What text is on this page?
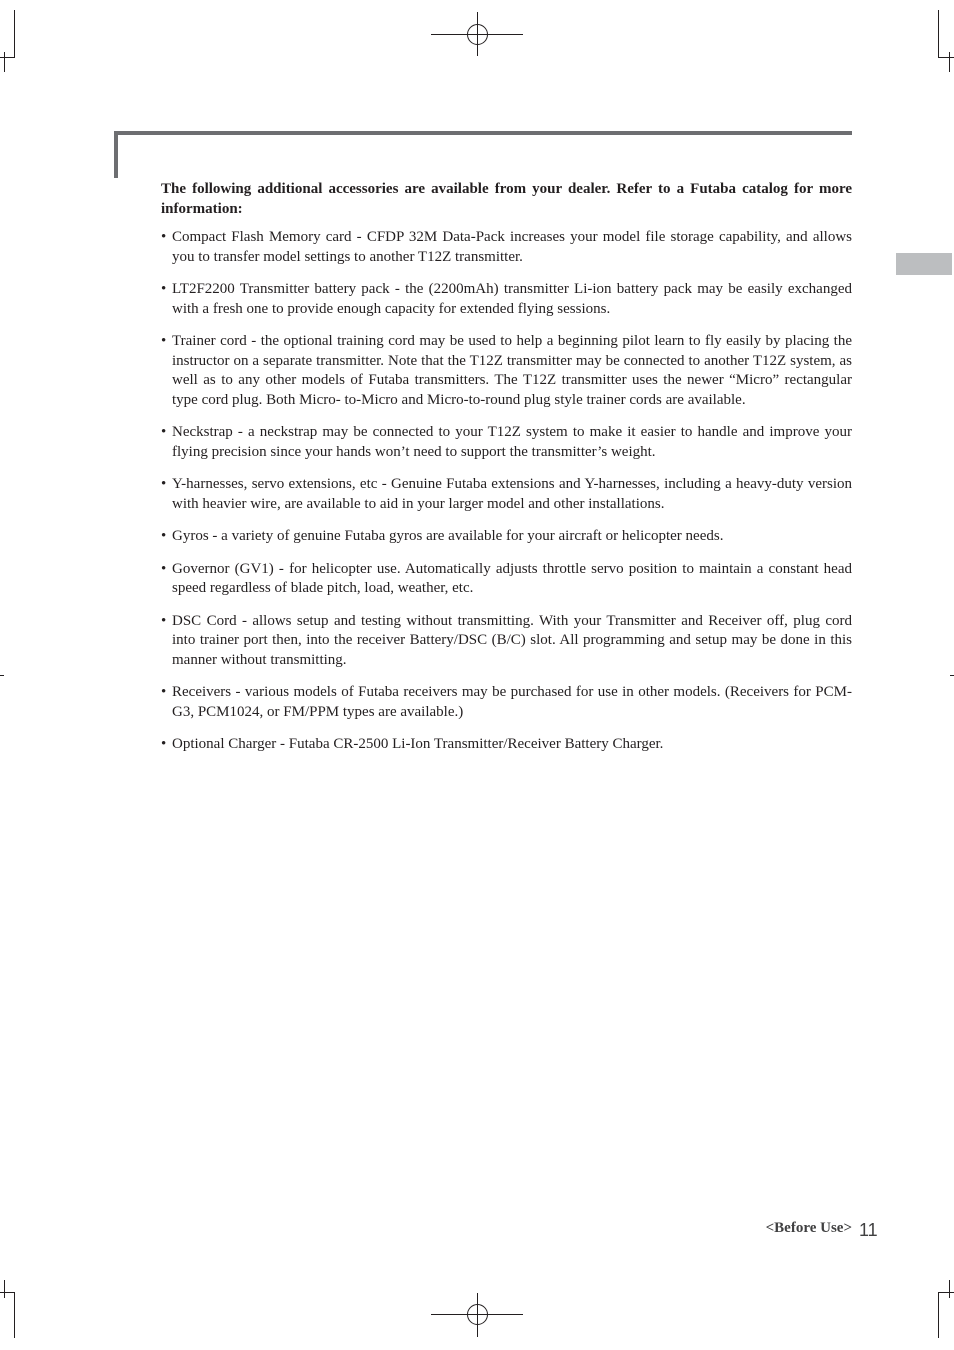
The following additional accessories are available from your dealer. Refer to a Futaba catalog for more information:

• Compact Flash Memory card - CFDP 32M Data-Pack increases your model file storage capability, and allows you to transfer model settings to another T12Z transmitter.
• LT2F2200 Transmitter battery pack - the (2200mAh) transmitter Li-ion battery pack may be easily exchanged with a fresh one to provide enough capacity for extended flying sessions.
• Trainer cord - the optional training cord may be used to help a beginning pilot learn to fly easily by placing the instructor on a separate transmitter. Note that the T12Z transmitter may be connected to another T12Z system, as well as to any other models of Futaba transmitters. The T12Z transmitter uses the newer “Micro” rectangular type cord plug. Both Micro- to-Micro and Micro-to-round plug style trainer cords are available.
• Neckstrap - a neckstrap may be connected to your T12Z system to make it easier to handle and improve your flying precision since your hands won’t need to support the transmitter’s weight.
• Y-harnesses, servo extensions, etc - Genuine Futaba extensions and Y-harnesses, including a heavy-duty version with heavier wire, are available to aid in your larger model and other installations.
• Gyros - a variety of genuine Futaba gyros are available for your aircraft or helicopter needs.
• Governor (GV1) - for helicopter use. Automatically adjusts throttle servo position to maintain a constant head speed regardless of blade pitch, load, weather, etc.
• DSC Cord - allows setup and testing without transmitting. With your Transmitter and Receiver off, plug cord into trainer port then, into the receiver Battery/DSC (B/C) slot. All programming and setup may be done in this manner without transmitting.
• Receivers - various models of Futaba receivers may be purchased for use in other models. (Receivers for PCM-G3, PCM1024, or FM/PPM types are available.)
• Optional Charger - Futaba CR-2500 Li-Ion Transmitter/Receiver Battery Charger.
<Before Use> 11
